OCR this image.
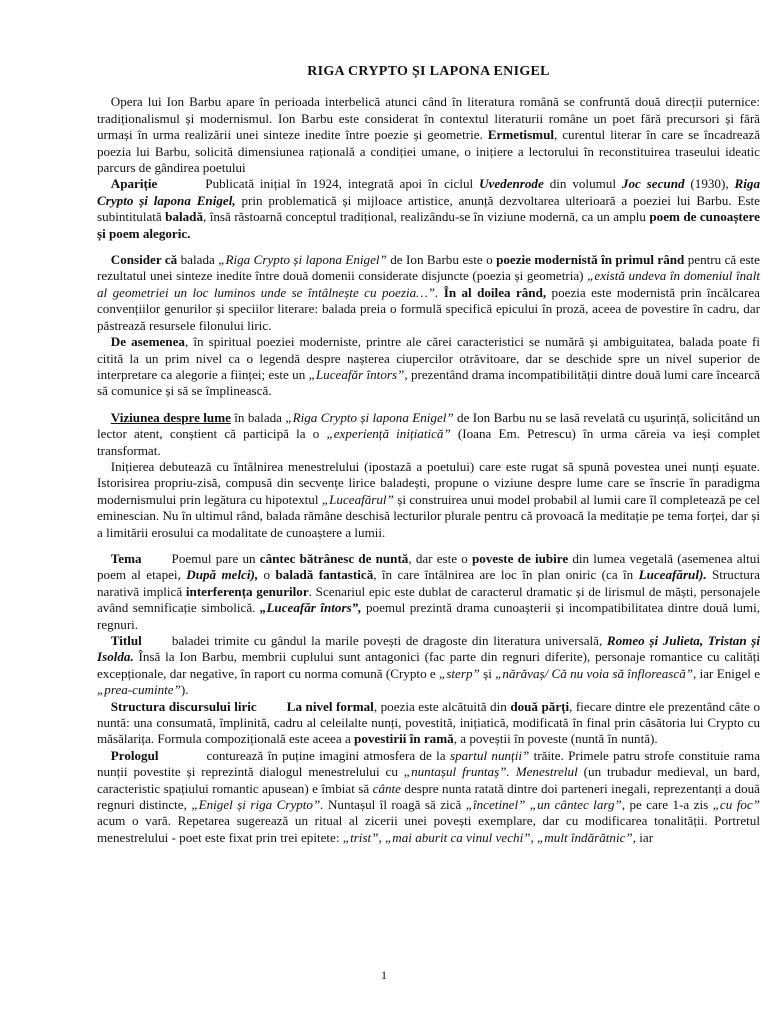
RIGA CRYPTO ȘI LAPONA ENIGEL

Opera lui Ion Barbu apare în perioada interbelică atunci când în literatura română se confruntă două direcții puternice: tradiționalismul și modernismul. Ion Barbu este considerat în contextul literaturii române un poet fără precursori și fără urmași în urma realizării unei sinteze inedite între poezie și geometrie. Ermetismul, curentul literar în care se încadrează poezia lui Barbu, solicită dimensiunea rațională a condiției umane, o inițiere a lectorului în reconstituirea traseului ideatic parcurs de gândirea poetului

Apariție	Publicată inițial în 1924, integrată apoi în ciclul Uvedenrode din volumul Joc secund (1930), Riga Crypto și lapona Enigel, prin problematică și mijloace artistice, anunță dezvoltarea ulterioară a poeziei lui Barbu. Este subintitulată baladă, însă răstoarnă conceptul tradițional, realizându-se în viziune modernă, ca un amplu poem de cunoaștere și poem alegoric.

Consider că balada „Riga Crypto și lapona Enigel” de Ion Barbu este o poezie modernistă în primul rând pentru că este rezultatul unei sinteze inedite între două domenii considerate disjuncte (poezia și geometria) „există undeva în domeniul înalt al geometriei un loc luminos unde se întâlnește cu poezia…”. În al doilea rând, poezia este modernistă prin încălcarea convențiilor genurilor și speciilor literare: balada preia o formulă specifică epicului în proză, aceea de povestire în cadru, dar păstrează resursele filonului liric.

De asemenea, în spiritual poeziei moderniste, printre ale cărei caracteristici se numără și ambiguitatea, balada poate fi citită la un prim nivel ca o legendă despre nașterea ciupercilor otrăvitoare, dar se deschide spre un nivel superior de interpretare ca alegorie a ființei; este un „Luceafăr întors”, prezentând drama incompatibilității dintre două lumi care încearcă să comunice și să se împlinească.

Viziunea despre lume în balada „Riga Crypto și lapona Enigel” de Ion Barbu nu se lasă revelată cu ușurință, solicitând un lector atent, conștient că participă la o „experiență inițiatică” (Ioana Em. Petrescu) în urma căreia va ieși complet transformat.

Inițierea debutează cu întâlnirea menestrelului (ipostază a poetului) care este rugat să spună povestea unei nunți eșuate. Istorisirea propriu-zisă, compusă din secvențe lirice baladești, propune o viziune despre lume care se înscrie în paradigma modernismului prin legătura cu hipotextul „Luceafărul” și construirea unui model probabil al lumii care îl completează pe cel eminescian. Nu în ultimul rând, balada rămâne deschisă lecturilor plurale pentru că provoacă la meditație pe tema forței, dar și a limitării erosului ca modalitate de cunoaștere a lumii.

Tema Poemul pare un cântec bătrânesc de nuntă, dar este o poveste de iubire din lumea vegetală (asemenea altui poem al etapei, După melci), o baladă fantastică, în care întâlnirea are loc în plan oniric (ca în Luceafărul). Structura narativă implică interferența genurilor. Scenariul epic este dublat de caracterul dramatic și de lirismul de măști, personajele având semnificație simbolică. „Luceafăr întors”, poemul prezintă drama cunoașterii și incompatibilitatea dintre două lumi, regnuri.

Titlul baladei trimite cu gândul la marile povești de dragoste din literatura universală, Romeo și Julieta, Tristan și Isolda. Însă la Ion Barbu, membrii cuplului sunt antagonici (fac parte din regnuri diferite), personaje romantice cu calități excepționale, dar negative, în raport cu norma comună (Crypto e „sterp” și „nărăvaș/ Că nu voia să înflorească”, iar Enigel e „prea-cuminte”).

Structura discursului liric La nivel formal, poezia este alcătuită din două părți, fiecare dintre ele prezentând câte o nuntă: una consumată, împlinită, cadru al celeilalte nunți, povestită, inițiatică, modificată în final prin căsătoria lui Crypto cu măsălarița. Formula compozițională este aceea a povestirii în ramă, a poveștii în poveste (nuntă în nuntă).

Prologul	conturează în puține imagini atmosfera de la spartul nunții” trăite. Primele patru strofe constituie rama nunții povestite și reprezintă dialogul menestrelului cu „nuntașul fruntaș”. Menestrelul (un trubadur medieval, un bard, caracteristic spațiului romantic apusean) e îmbiat să cânte despre nunta ratată dintre doi parteneri inegali, reprezentanți a două regnuri distincte, „Enigel și riga Crypto”. Nuntașul îl roagă să zică „încetinel” „un cântec larg”, pe care 1-a zis „cu foc” acum o vară. Repetarea sugerează un ritual al zicerii unei povești exemplare, dar cu modificarea tonalității. Portretul menestrelului - poet este fixat prin trei epitete: „trist”, „mai aburit ca vinul vechi”, „mult îndărătnic”, iar

1
